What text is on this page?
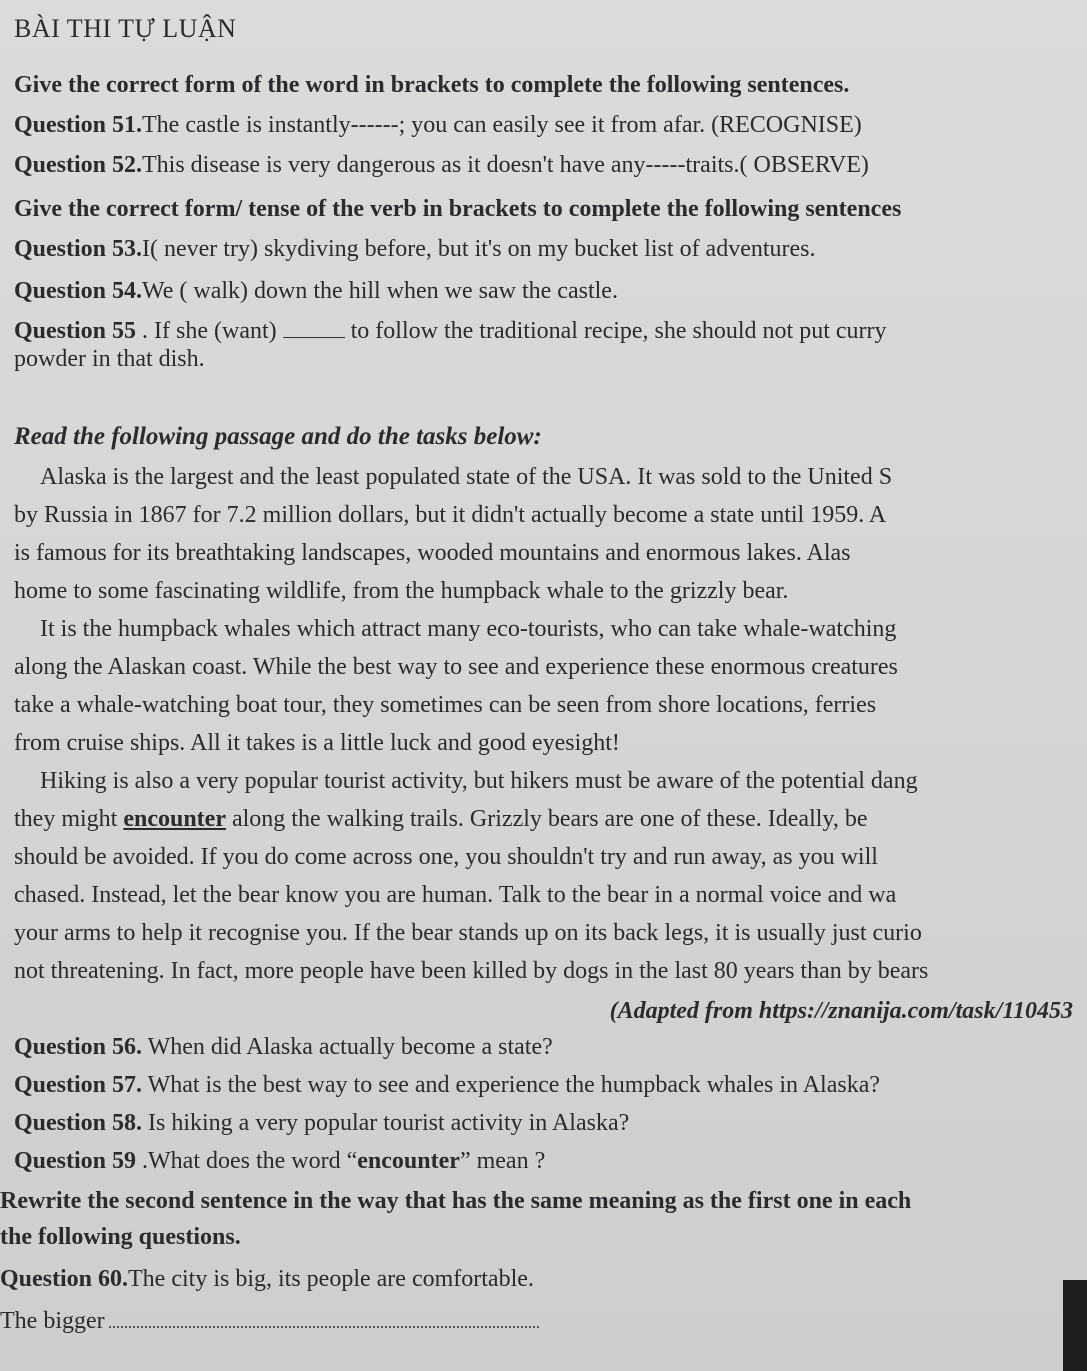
BÀI THI TỰ LUẬN
Give the correct form of the word in brackets to complete the following sentences.
Question 51.The castle is instantly------; you can easily see it from afar. (RECOGNISE)
Question 52.This disease is very dangerous as it doesn't have any-----traits.( OBSERVE)
Give the correct form/ tense of the verb in brackets to complete the following sentences
Question 53.I( never try) skydiving before, but it's on my bucket list of adventures.
Question 54.We ( walk) down the hill when we saw the castle.
Question 55 . If she (want)	to follow the traditional recipe, she should not put curry
powder in that dish.
Read the following passage and do the tasks below:
Alaska is the largest and the least populated state of the USA. It was sold to the United S
by Russia in 1867 for 7.2 million dollars, but it didn't actually become a state until 1959. A
is famous for its breathtaking landscapes, wooded mountains and enormous lakes. Alas
home to some fascinating wildlife, from the humpback whale to the grizzly bear.
It is the humpback whales which attract many eco-tourists, who can take whale-watching
along the Alaskan coast. While the best way to see and experience these enormous creatures
take a whale-watching boat tour, they sometimes can be seen from shore locations, ferries
from cruise ships. All it takes is a little luck and good eyesight!
Hiking is also a very popular tourist activity, but hikers must be aware of the potential dang
they might encounter along the walking trails. Grizzly bears are one of these. Ideally, be
should be avoided. If you do come across one, you shouldn't try and run away, as you will
chased. Instead, let the bear know you are human. Talk to the bear in a normal voice and wa
your arms to help it recognise you. If the bear stands up on its back legs, it is usually just curio
not threatening. In fact, more people have been killed by dogs in the last 80 years than by bears
(Adapted from https://znanija.com/task/110453
Question 56. When did Alaska actually become a state?
Question 57. What is the best way to see and experience the humpback whales in Alaska?
Question 58. Is hiking a very popular tourist activity in Alaska?
Question 59 .What does the word “encounter” mean ?
Rewrite the second sentence in the way that has the same meaning as the first one in each
the following questions.
Question 60.The city is big, its people are comfortable.
The bigger
